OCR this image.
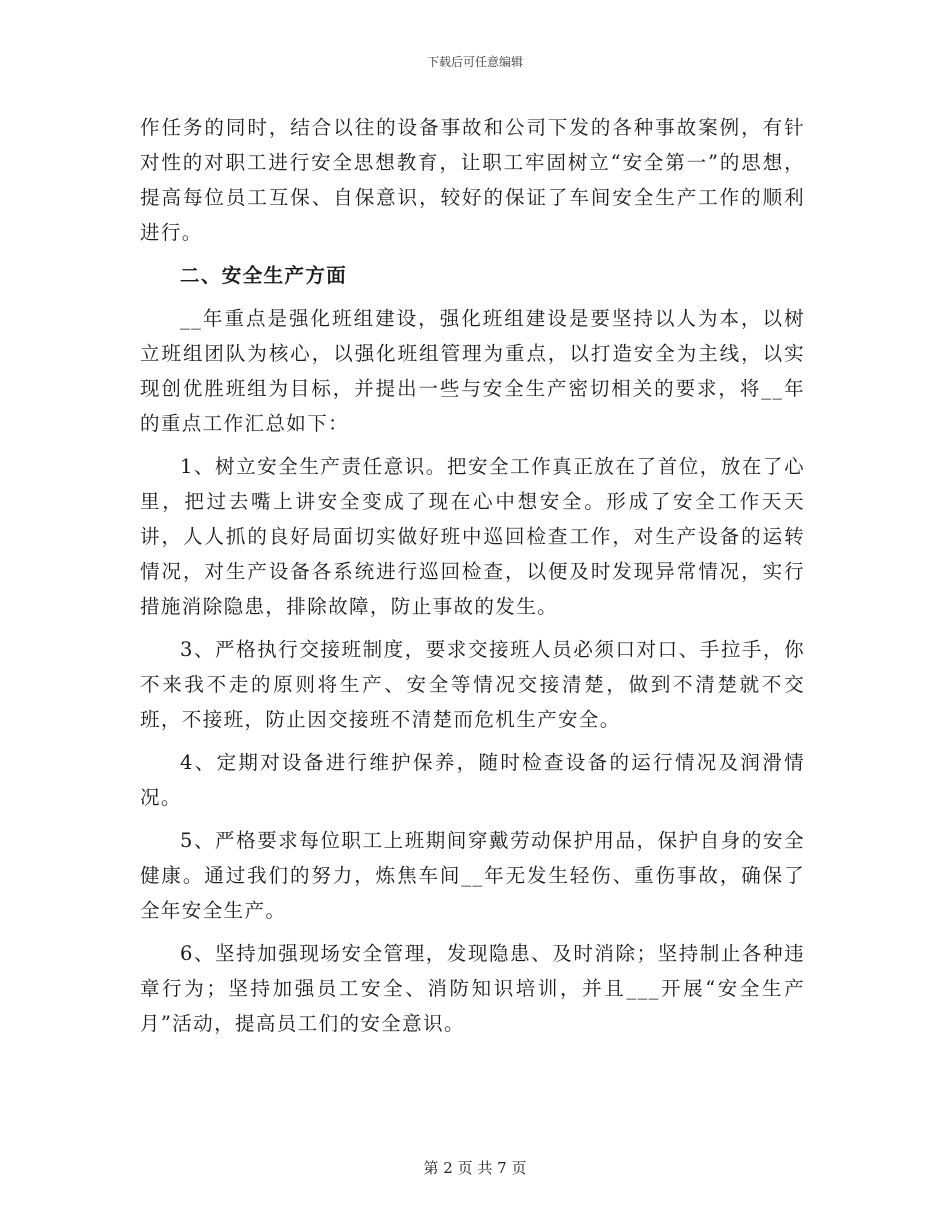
下载后可任意编辑

作任务的同时，结合以往的设备事故和公司下发的各种事故案例，有针对性的对职工进行安全思想教育，让职工牢固树立“安全第一”的思想，提高每位员工互保、自保意识，较好的保证了车间安全生产工作的顺利进行。

二、安全生产方面

__年重点是强化班组建设，强化班组建设是要坚持以人为本，以树立班组团队为核心，以强化班组管理为重点，以打造安全为主线，以实现创优胜班组为目标，并提出一些与安全生产密切相关的要求，将__年的重点工作汇总如下：

1、树立安全生产责任意识。把安全工作真正放在了首位，放在了心里，把过去嘴上讲安全变成了现在心中想安全。形成了安全工作天天讲，人人抓的良好局面切实做好班中巡回检查工作，对生产设备的运转情况，对生产设备各系统进行巡回检查，以便及时发现异常情况，实行措施消除隐患，排除故障，防止事故的发生。

3、严格执行交接班制度，要求交接班人员必须口对口、手拉手，你不来我不走的原则将生产、安全等情况交接清楚，做到不清楚就不交班，不接班，防止因交接班不清楚而危机生产安全。

4、定期对设备进行维护保养，随时检查设备的运行情况及润滑情况。

5、严格要求每位职工上班期间穿戴劳动保护用品，保护自身的安全健康。通过我们的努力，炼焦车间__年无发生轻伤、重伤事故，确保了全年安全生产。

6、坚持加强现场安全管理，发现隐患、及时消除；坚持制止各种违章行为；坚持加强员工安全、消防知识培训，并且___开展“安全生产月”活动，提高员工们的安全意识。

第 2 页 共 7 页
